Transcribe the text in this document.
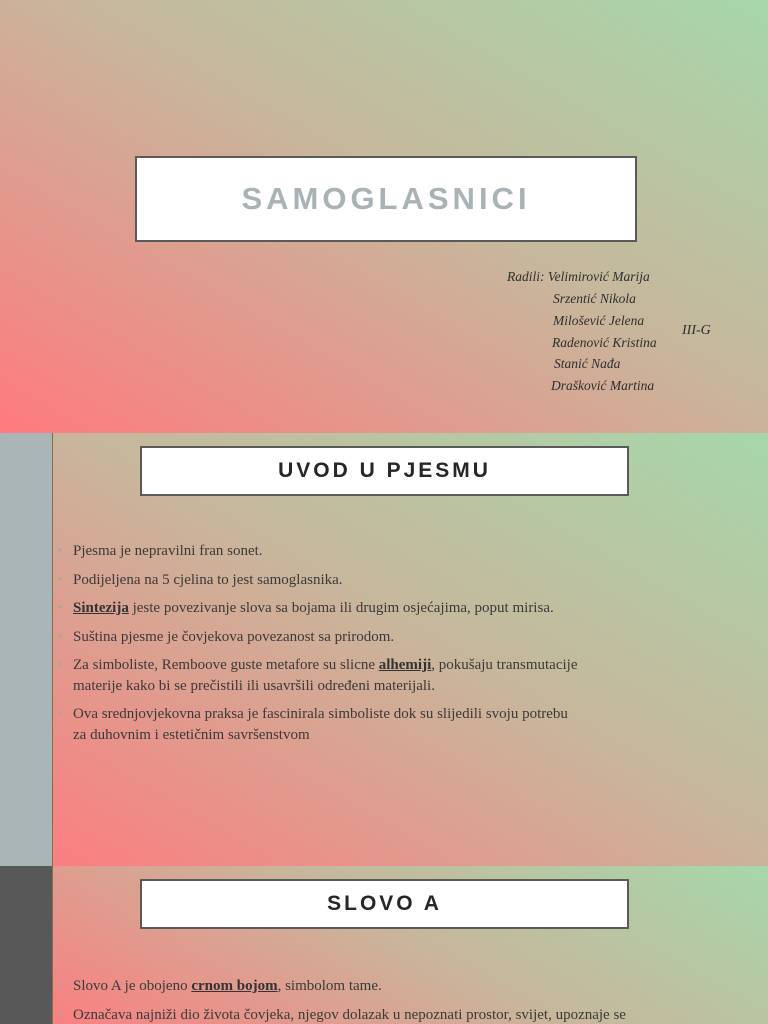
SAMOGLASNICI
Radili: Velimirović Marija
Srzentić Nikola
Milošević Jelena
Radenović Kristina
Stanić Nađa
Drašković Martina
III-G
UVOD U PJESMU
• Pjesma je nepravilni fran sonet.
• Podijeljena na 5 cjelina to jest samoglasnika.
• Sintezija jeste povezivanje slova sa bojama ili drugim osjećajima, poput mirisa.
• Suština pjesme je čovjekova povezanost sa prirodom.
• Za simboliste, Remboove guste metafore su slicne alhemiji, pokušaju transmutacije materije kako bi se prečistili ili usavršili određeni materijali.
• Ova srednjovjekovna praksa je fascinirala simboliste dok su slijedili svoju potrebu za duhovnim i estetičnim savršenstvom
SLOVO A
• Slovo A je obojeno crnom bojom, simbolom tame.
• Označava najniži dio života čovjeka, njegov dolazak u nepoznati prostor, svijet, upoznaje se
